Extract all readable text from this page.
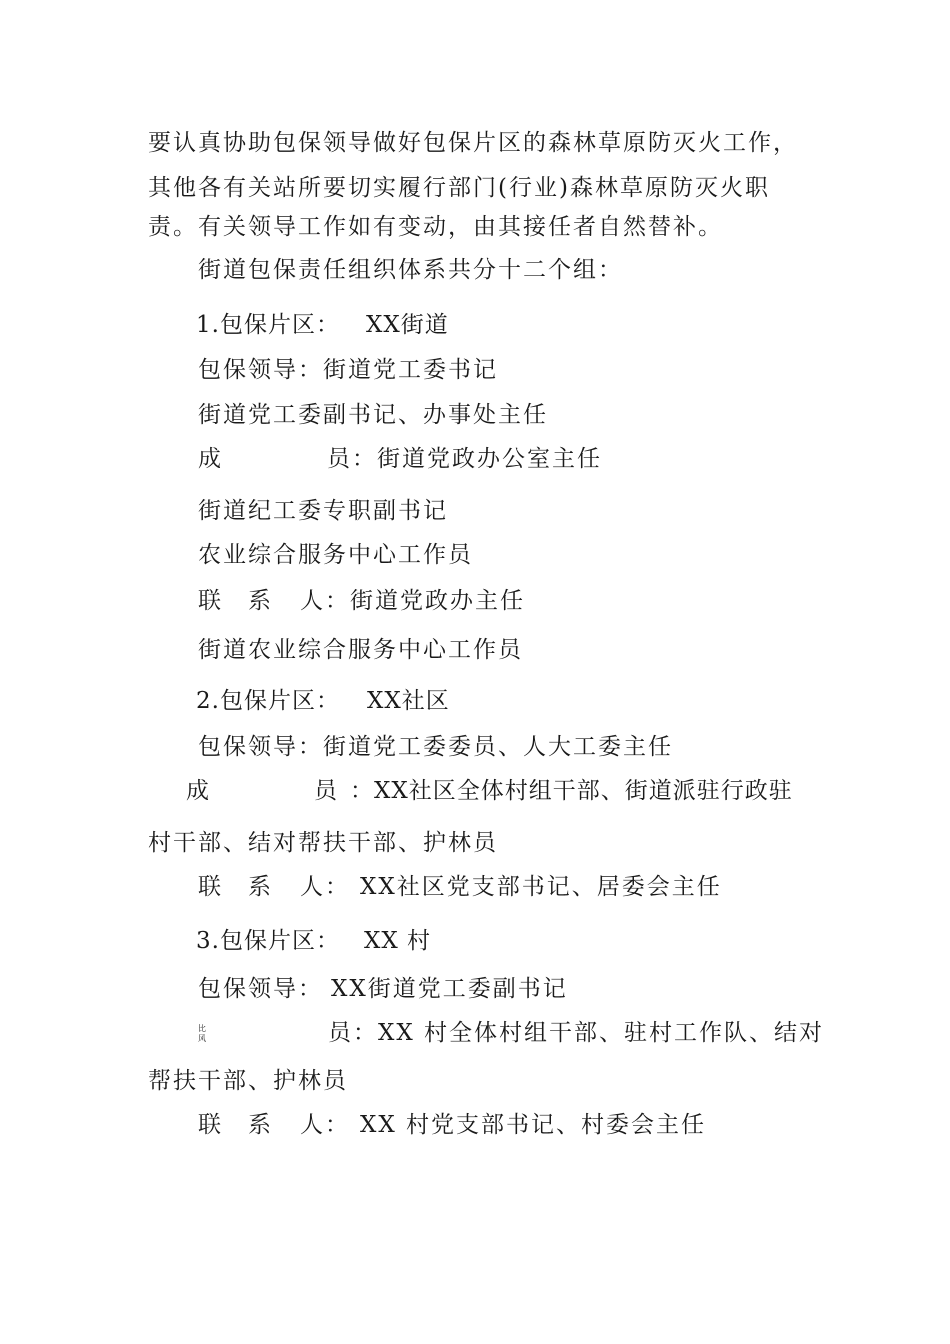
要认真协助包保领导做好包保片区的森林草原防灭火工作，
其他各有关站所要切实履行部门(行业)森林草原防灭火职
责。有关领导工作如有变动，由其接任者自然替补。
街道包保责任组织体系共分十二个组：
1.包保片区： XX街道
包保领导：街道党工委书记
街道党工委副书记、办事处主任
成	员：街道党政办公室主任
街道纪工委专职副书记
农业综合服务中心工作员
联 系 人：街道党政办主任
街道农业综合服务中心工作员
2.包保片区： XX社区
包保领导：街道党工委委员、人大工委主任
成	员 ：XX社区全体村组干部、街道派驻行政驻
村干部、结对帮扶干部、护林员
联 系 人： XX社区党支部书记、居委会主任
3.包保片区： XX 村
包保领导： XX街道党工委副书记
比
风	员：XX 村全体村组干部、驻村工作队、结对
帮扶干部、护林员
联 系 人： XX 村党支部书记、村委会主任
